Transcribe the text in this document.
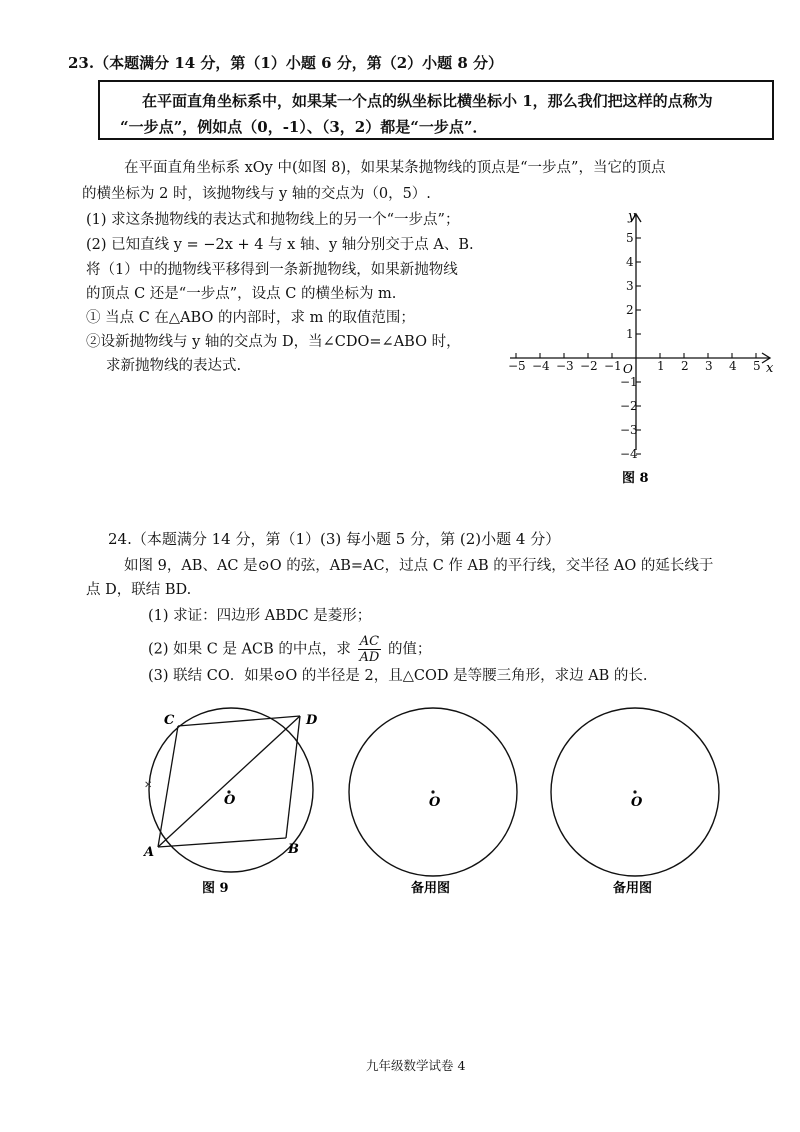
23.（本题满分 14 分，第（1）小题 6 分，第（2）小题 8 分）
在平面直角坐标系中，如果某一个点的纵坐标比横坐标小 1，那么我们把这样的点称为
“一步点”，例如点（0，-1）、（3，2）都是“一步点”．
在平面直角坐标系 xOy 中(如图 8)，如果某条抛物线的顶点是“一步点”，当它的顶点
的横坐标为 2 时，该抛物线与 y 轴的交点为（0，5）.
(1) 求这条抛物线的表达式和抛物线上的另一个“一步点”；
(2) 已知直线 y = −2x + 4 与 x 轴、y 轴分别交于点 A、B.
将（1）中的抛物线平移得到一条新抛物线，如果新抛物线
的顶点 C 还是“一步点”，设点 C 的横坐标为 m.
① 当点 C 在△ABO 的内部时，求 m 的取值范围；
②设新抛物线与 y 轴的交点为 D，当∠CDO=∠ABO 时，
求新抛物线的表达式.	−5 −4 −3 −2 −1	1 2 3 4 5
5
4
3
2
1
−1
−2
−3
−4
y
x
O
图 8
24.（本题满分 14 分，第（1）(3) 每小题 5 分，第 (2)小题 4 分）
如图 9，AB、AC 是⊙O 的弦，AB=AC，过点 C 作 AB 的平行线，交半径 AO 的延长线于
点 D，联结 BD.
(1) 求证：四边形 ABDC 是菱形；
(2) 如果 C 是 ACB 的中点，求 $\frac{AC}{AD}$ 的值；
(3) 联结 CO．如果⊙O 的半径是 2，且△COD 是等腰三角形，求边 AB 的长.
✕
O
A	B
C	D
图 9
O
备用图
O
备用图
九年级数学试卷 4
